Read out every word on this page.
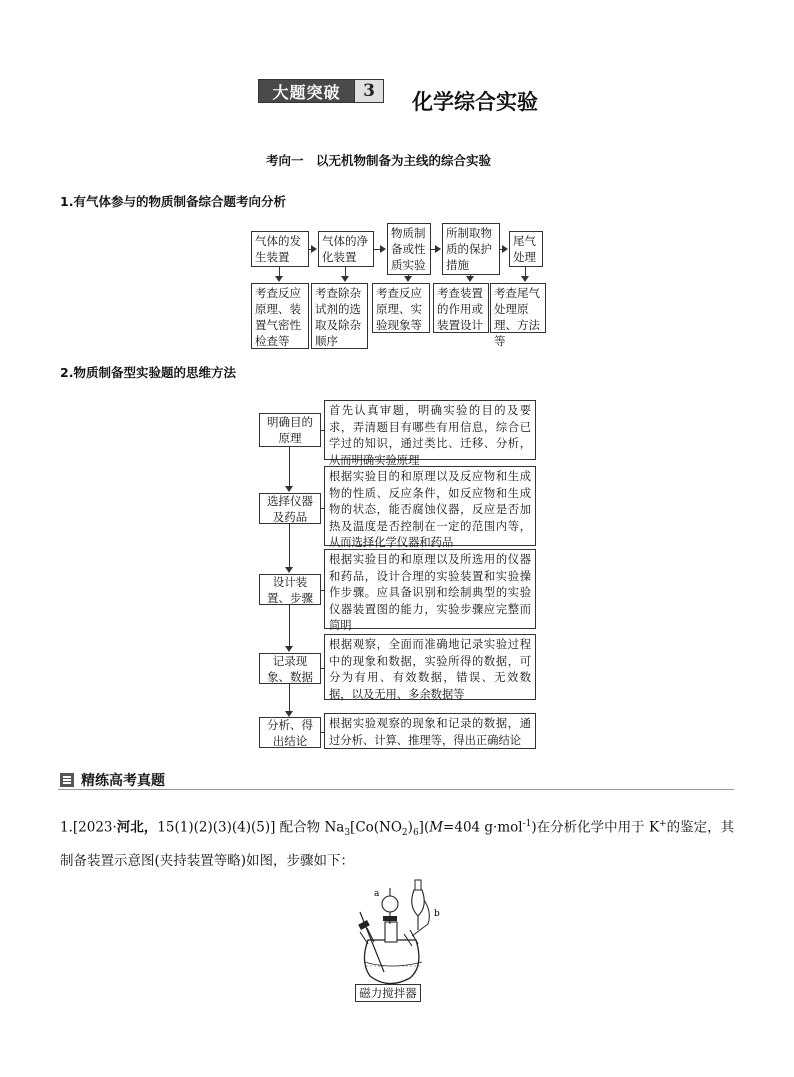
大题突破	3	化学综合实验
考向一　以无机物制备为主线的综合实验
1.有气体参与的物质制备综合题考向分析
气体的发生装置
气体的净化装置
物质制备或性质实验
所制取物质的保护措施
尾气处理
考查反应原理、装置气密性检查等
考查除杂试剂的选取及除杂顺序
考查反应原理、实验现象等
考查装置的作用或装置设计
考查尾气处理原理、方法等
2.物质制备型实验题的思维方法
明确目的原理
首先认真审题，明确实验的目的及要求，弄清题目有哪些有用信息，综合已学过的知识，通过类比、迁移、分析，从而明确实验原理
选择仪器及药品
根据实验目的和原理以及反应物和生成物的性质、反应条件，如反应物和生成物的状态，能否腐蚀仪器，反应是否加热及温度是否控制在一定的范围内等，从而选择化学仪器和药品
设计装置、步骤
根据实验目的和原理以及所选用的仪器和药品，设计合理的实验装置和实验操作步骤。应具备识别和绘制典型的实验仪器装置图的能力，实验步骤应完整而简明
记录现象、数据
根据观察，全面而准确地记录实验过程中的现象和数据，实验所得的数据，可分为有用、有效数据，错误、无效数据，以及无用、多余数据等
分析、得出结论
根据实验观察的现象和记录的数据，通过分析、计算、推理等，得出正确结论
精练高考真题
1.[2023·河北，15(1)(2)(3)(4)(5)] 配合物 $Na_3[Co(NO_2)_6](M=404$ g·mol$^{-1}$)在分析化学中用于 K+的鉴定，其
制备装置示意图(夹持装置等略)如图，步骤如下：
a
b
磁力搅拌器
